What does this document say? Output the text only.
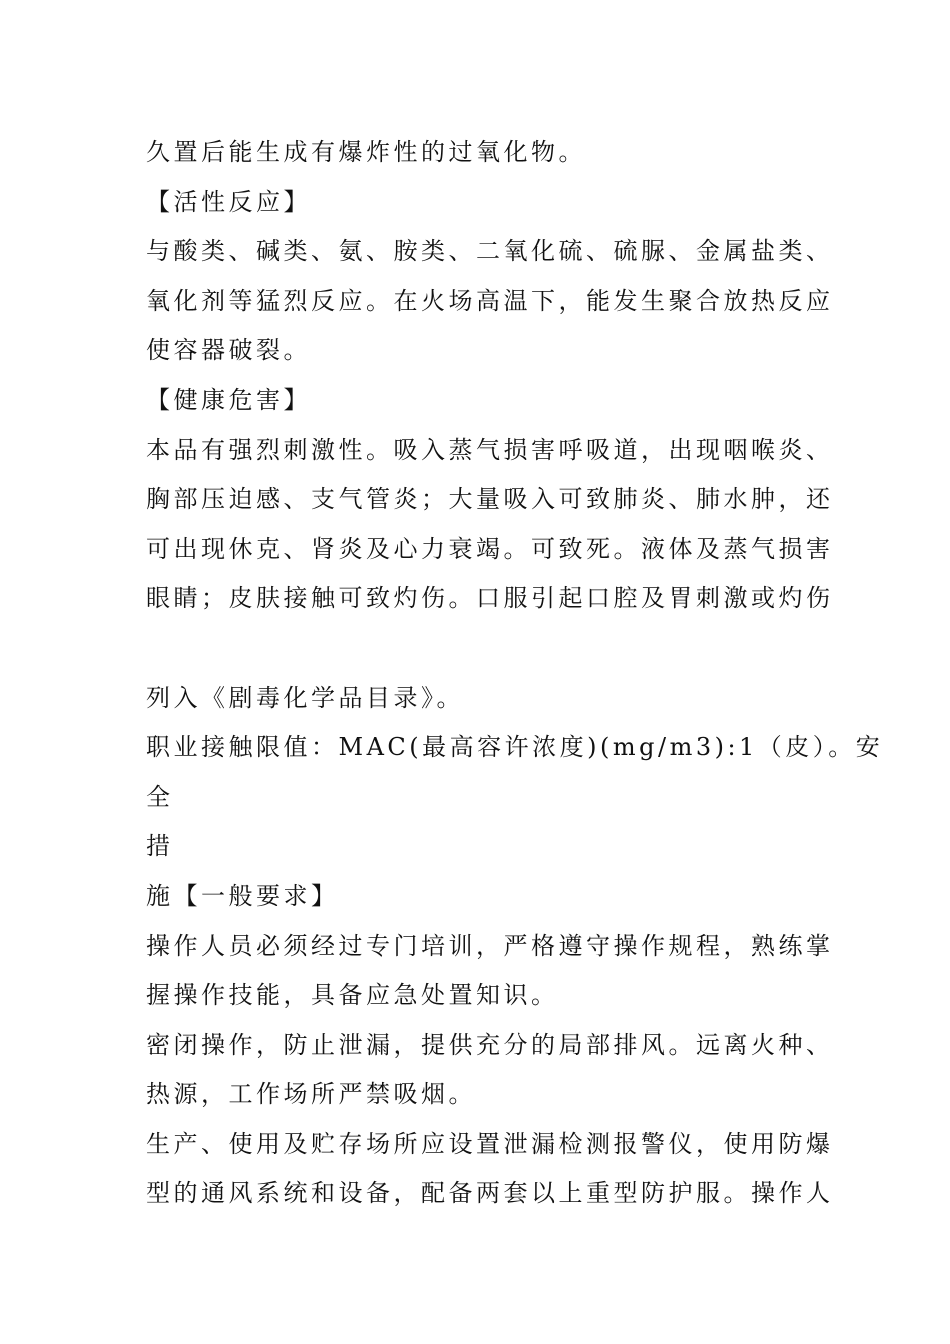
久置后能生成有爆炸性的过氧化物。
【活性反应】
与酸类、碱类、氨、胺类、二氧化硫、硫脲、金属盐类、
氧化剂等猛烈反应。在火场高温下，能发生聚合放热反应
使容器破裂。
【健康危害】
本品有强烈刺激性。吸入蒸气损害呼吸道，出现咽喉炎、
胸部压迫感、支气管炎；大量吸入可致肺炎、肺水肿，还
可出现休克、肾炎及心力衰竭。可致死。液体及蒸气损害
眼睛；皮肤接触可致灼伤。口服引起口腔及胃刺激或灼伤
列入《剧毒化学品目录》。
职业接触限值：MAC(最高容许浓度)(mg/m3):1（皮）。安
全
措
施【一般要求】
操作人员必须经过专门培训，严格遵守操作规程，熟练掌
握操作技能，具备应急处置知识。
密闭操作，防止泄漏，提供充分的局部排风。远离火种、
热源，工作场所严禁吸烟。
生产、使用及贮存场所应设置泄漏检测报警仪，使用防爆
型的通风系统和设备，配备两套以上重型防护服。操作人
